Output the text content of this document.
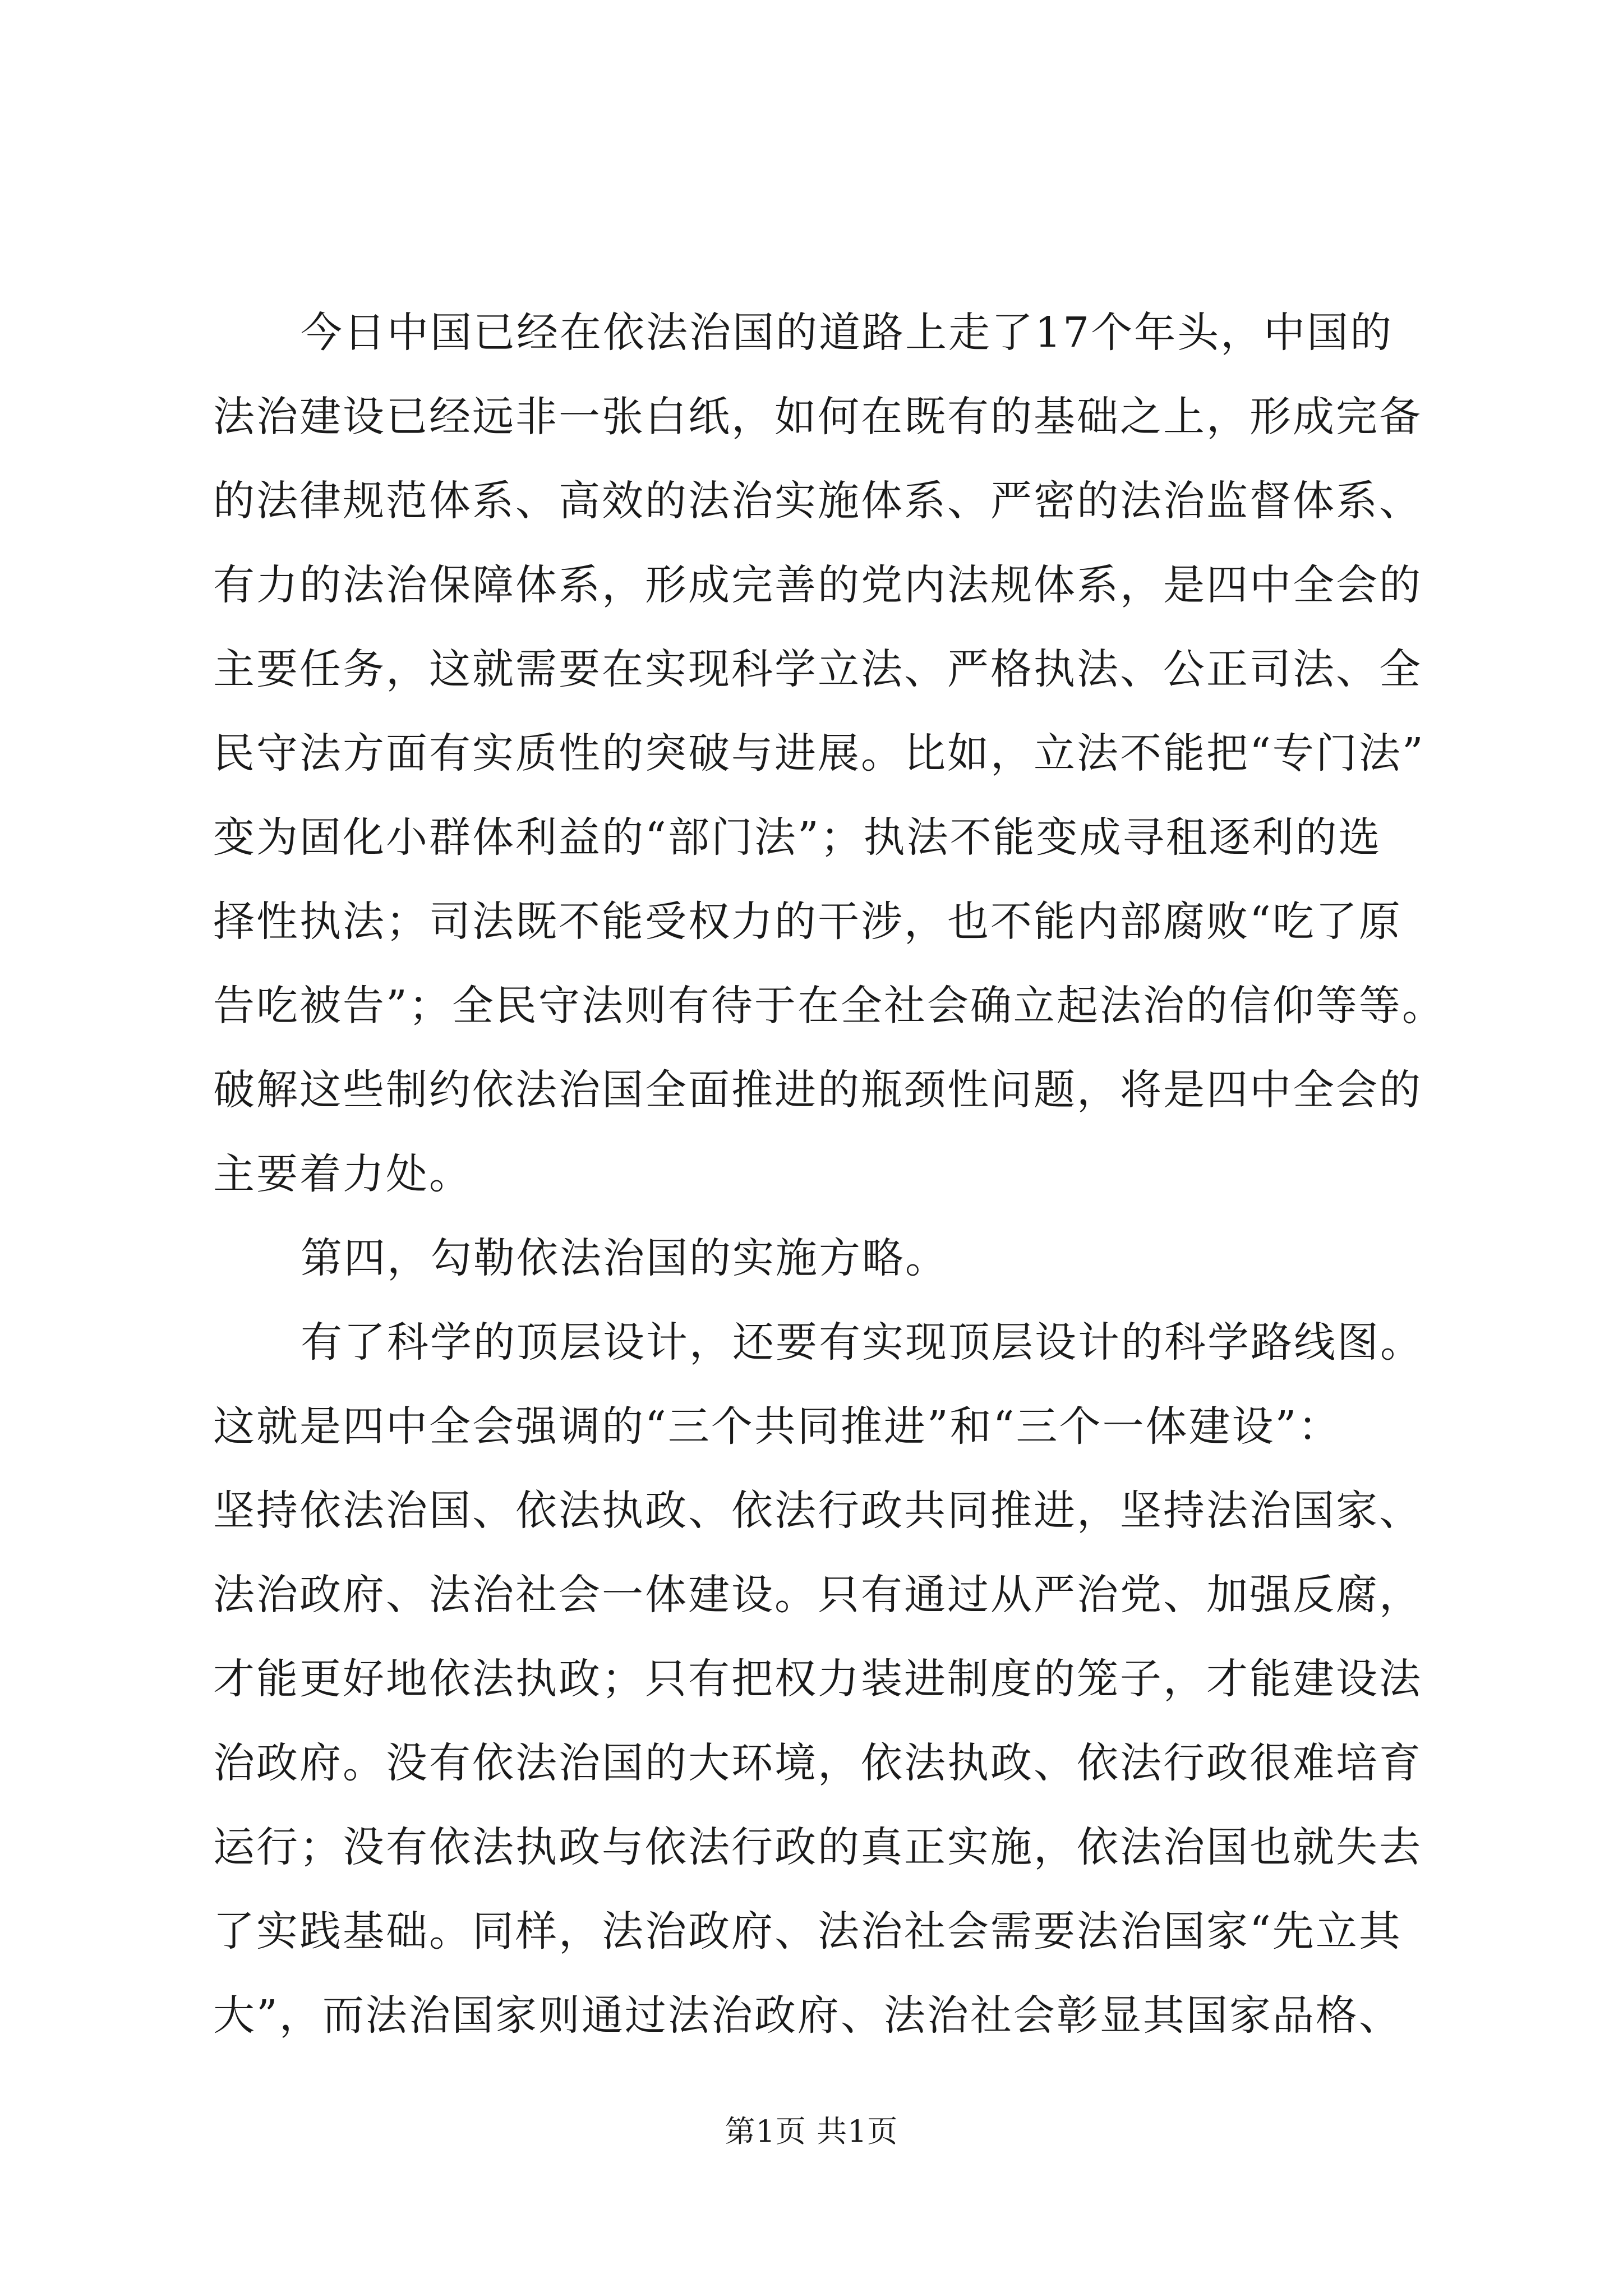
今日中国已经在依法治国的道路上走了17个年头，中国的
法治建设已经远非一张白纸，如何在既有的基础之上，形成完备
的法律规范体系、高效的法治实施体系、严密的法治监督体系、
有力的法治保障体系，形成完善的党内法规体系，是四中全会的
主要任务，这就需要在实现科学立法、严格执法、公正司法、全
民守法方面有实质性的突破与进展。比如，立法不能把“专门法”
变为固化小群体利益的“部门法”；执法不能变成寻租逐利的选
择性执法；司法既不能受权力的干涉，也不能内部腐败“吃了原
告吃被告”；全民守法则有待于在全社会确立起法治的信仰等等。
破解这些制约依法治国全面推进的瓶颈性问题，将是四中全会的
主要着力处。
第四，勾勒依法治国的实施方略。
有了科学的顶层设计，还要有实现顶层设计的科学路线图。
这就是四中全会强调的“三个共同推进”和“三个一体建设”：
坚持依法治国、依法执政、依法行政共同推进，坚持法治国家、
法治政府、法治社会一体建设。只有通过从严治党、加强反腐，
才能更好地依法执政；只有把权力装进制度的笼子，才能建设法
治政府。没有依法治国的大环境，依法执政、依法行政很难培育
运行；没有依法执政与依法行政的真正实施，依法治国也就失去
了实践基础。同样，法治政府、法治社会需要法治国家“先立其
大”，而法治国家则通过法治政府、法治社会彰显其国家品格、
第1页 共1页
